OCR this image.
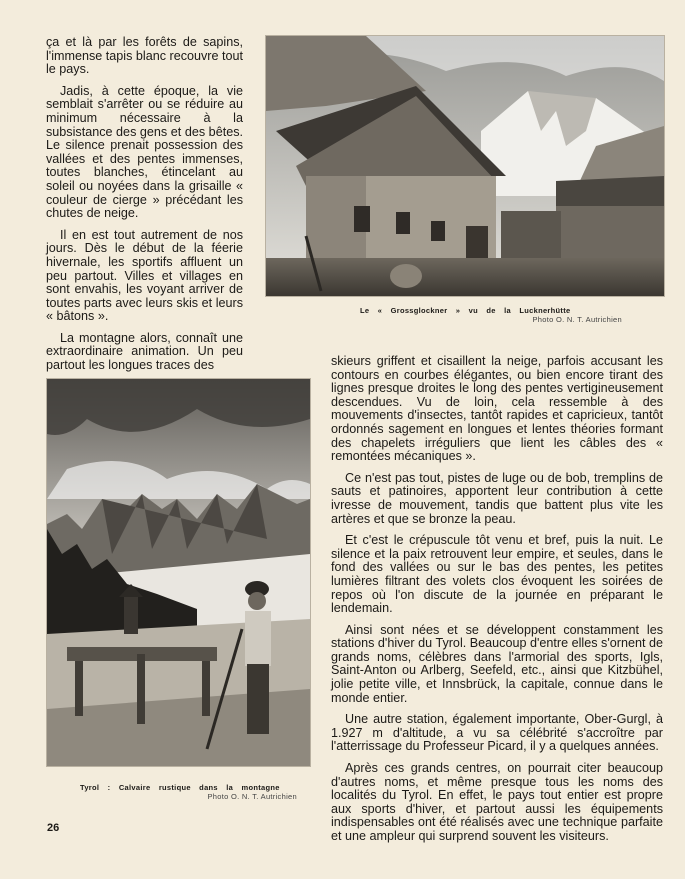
ça et là par les forêts de sapins, l'immense tapis blanc recouvre tout le pays.

Jadis, à cette époque, la vie semblait s'arrêter ou se réduire au minimum nécessaire à la subsistance des gens et des bêtes. Le silence prenait possession des vallées et des pentes immenses, toutes blanches, étincelant au soleil ou noyées dans la grisaille « couleur de cierge » précédant les chutes de neige.

Il en est tout autrement de nos jours. Dès le début de la féerie hivernale, les sportifs affluent un peu partout. Villes et villages en sont envahis, les voyant arriver de toutes parts avec leurs skis et leurs « bâtons ».

La montagne alors, connaît une extraordinaire animation. Un peu partout les longues traces des

Le « Grossglockner » vu de la Lucknerhütte
Photo O. N. T. Autrichien
Tyrol : Calvaire rustique dans la montagne
Photo O. N. T. Autrichien

skieurs griffent et cisaillent la neige, parfois accusant les contours en courbes élégantes, ou bien encore tirant des lignes presque droites le long des pentes vertigineusement descendues. Vu de loin, cela ressemble à des mouvements d'insectes, tantôt rapides et capricieux, tantôt ordonnés sagement en longues et lentes théories formant des chapelets irréguliers que lient les câbles des « remontées mécaniques ».

Ce n'est pas tout, pistes de luge ou de bob, tremplins de sauts et patinoires, apportent leur contribution à cette ivresse de mouvement, tandis que battent plus vite les artères et que se bronze la peau.

Et c'est le crépuscule tôt venu et bref, puis la nuit. Le silence et la paix retrouvent leur empire, et seules, dans le fond des vallées ou sur le bas des pentes, les petites lumières filtrant des volets clos évoquent les soirées de repos où l'on discute de la journée en préparant le lendemain.

Ainsi sont nées et se développent constamment les stations d'hiver du Tyrol. Beaucoup d'entre elles s'ornent de grands noms, célèbres dans l'armorial des sports, Igls, Saint-Anton ou Arlberg, Seefeld, etc., ainsi que Kitzbühel, jolie petite ville, et Innsbrück, la capitale, connue dans le monde entier.

Une autre station, également importante, Ober-Gurgl, à 1.927 m d'altitude, a vu sa célébrité s'accroître par l'atterrissage du Professeur Picard, il y a quelques années.

Après ces grands centres, on pourrait citer beaucoup d'autres noms, et même presque tous les noms des localités du Tyrol. En effet, le pays tout entier est propre aux sports d'hiver, et partout aussi les équipements indispensables ont été réalisés avec une technique parfaite et une ampleur qui surprend souvent les visiteurs.

26
